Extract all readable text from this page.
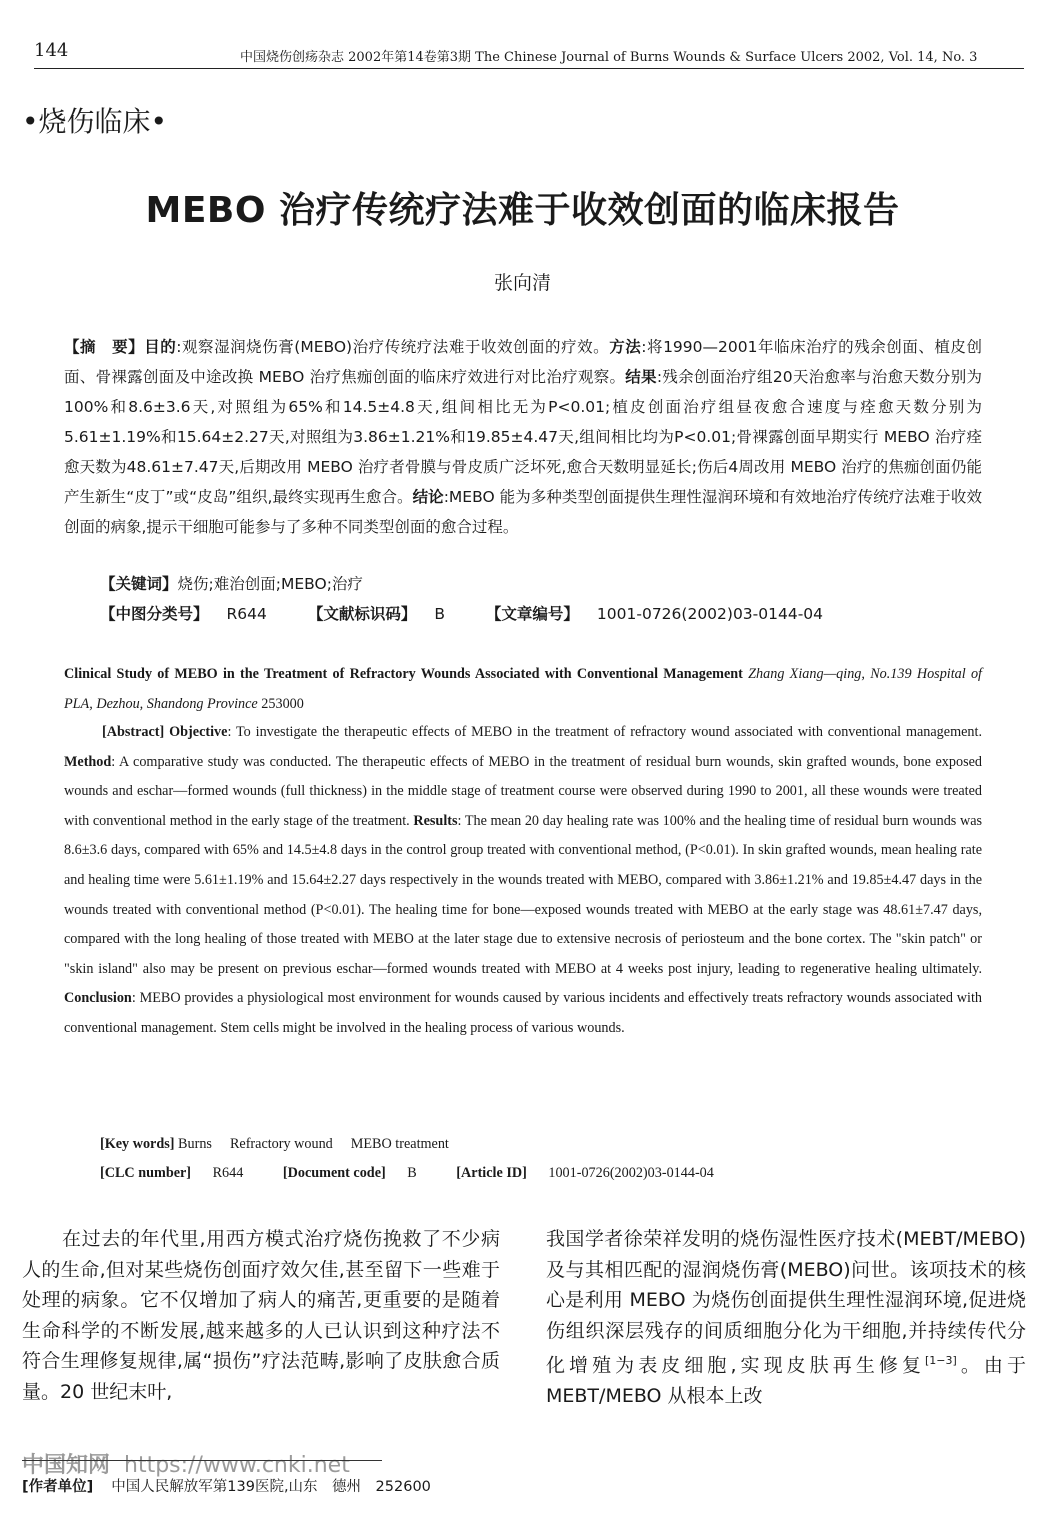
144	中国烧伤创疡杂志 2002年第14卷第3期 The Chinese Journal of Burns Wounds & Surface Ulcers 2002, Vol. 14, No. 3
•烧伤临床•
MEBO 治疗传统疗法难于收效创面的临床报告
张向清
【摘　要】目的:观察湿润烧伤膏(MEBO)治疗传统疗法难于收效创面的疗效。方法:将1990—2001年临床治疗的残余创面、植皮创面、骨裸露创面及中途改换 MEBO 治疗焦痂创面的临床疗效进行对比治疗观察。结果:残余创面治疗组20天治愈率与治愈天数分别为100%和8.6±3.6天,对照组为65%和14.5±4.8天,组间相比无为P<0.01;植皮创面治疗组昼夜愈合速度与痊愈天数分别为5.61±1.19%和15.64±2.27天,对照组为3.86±1.21%和19.85±4.47天,组间相比均为P<0.01;骨裸露创面早期实行 MEBO 治疗痊愈天数为48.61±7.47天,后期改用 MEBO 治疗者骨膜与骨皮质广泛坏死,愈合天数明显延长;伤后4周改用 MEBO 治疗的焦痂创面仍能产生新生“皮丁”或“皮岛”组织,最终实现再生愈合。结论:MEBO 能为多种类型创面提供生理性湿润环境和有效地治疗传统疗法难于收效创面的病象,提示干细胞可能参与了多种不同类型创面的愈合过程。
【关键词】烧伤;难治创面;MEBO;治疗
【中图分类号】 R644	【文献标识码】 B	【文章编号】 1001-0726(2002)03-0144-04
Clinical Study of MEBO in the Treatment of Refractory Wounds Associated with Conventional Management Zhang Xiang—qing, No.139 Hospital of PLA, Dezhou, Shandong Province 253000

[Abstract] Objective: To investigate the therapeutic effects of MEBO in the treatment of refractory wound associated with conventional management. Method: A comparative study was conducted. The therapeutic effects of MEBO in the treatment of residual burn wounds, skin grafted wounds, bone exposed wounds and eschar—formed wounds (full thickness) in the middle stage of treatment course were observed during 1990 to 2001, all these wounds were treated with conventional method in the early stage of the treatment. Results: The mean 20 day healing rate was 100% and the healing time of residual burn wounds was 8.6±3.6 days, compared with 65% and 14.5±4.8 days in the control group treated with conventional method, (P<0.01). In skin grafted wounds, mean healing rate and healing time were 5.61±1.19% and 15.64±2.27 days respectively in the wounds treated with MEBO, compared with 3.86±1.21% and 19.85±4.47 days in the wounds treated with conventional method (P<0.01). The healing time for bone—exposed wounds treated with MEBO at the early stage was 48.61±7.47 days, compared with the long healing of those treated with MEBO at the later stage due to extensive necrosis of periosteum and the bone cortex. The "skin patch" or "skin island" also may be present on previous eschar—formed wounds treated with MEBO at 4 weeks post injury, leading to regenerative healing ultimately. Conclusion: MEBO provides a physiological most environment for wounds caused by various incidents and effectively treats refractory wounds associated with conventional management. Stem cells might be involved in the healing process of various wounds.

[Key words] Burns Refractory wound MEBO treatment
[CLC number] R644	[Document code] B	[Article ID] 1001-0726(2002)03-0144-04
在过去的年代里,用西方模式治疗烧伤挽救了不少病人的生命,但对某些烧伤创面疗效欠佳,甚至留下一些难于处理的病象。它不仅增加了病人的痛苦,更重要的是随着生命科学的不断发展,越来越多的人已认识到这种疗法不符合生理修复规律,属“损伤”疗法范畴,影响了皮肤愈合质量。20 世纪末叶,
我国学者徐荣祥发明的烧伤湿性医疗技术(MEBT/MEBO)及与其相匹配的湿润烧伤膏(MEBO)问世。该项技术的核心是利用 MEBO 为烧伤创面提供生理性湿润环境,促进烧伤组织深层残存的间质细胞分化为干细胞,并持续传代分化增殖为表皮细胞,实现皮肤再生修复[1−3]。由于 MEBT/MEBO 从根本上改
中国知网 https://www.cnki.net
[作者单位] 中国人民解放军第139医院,山东　德州　252600
